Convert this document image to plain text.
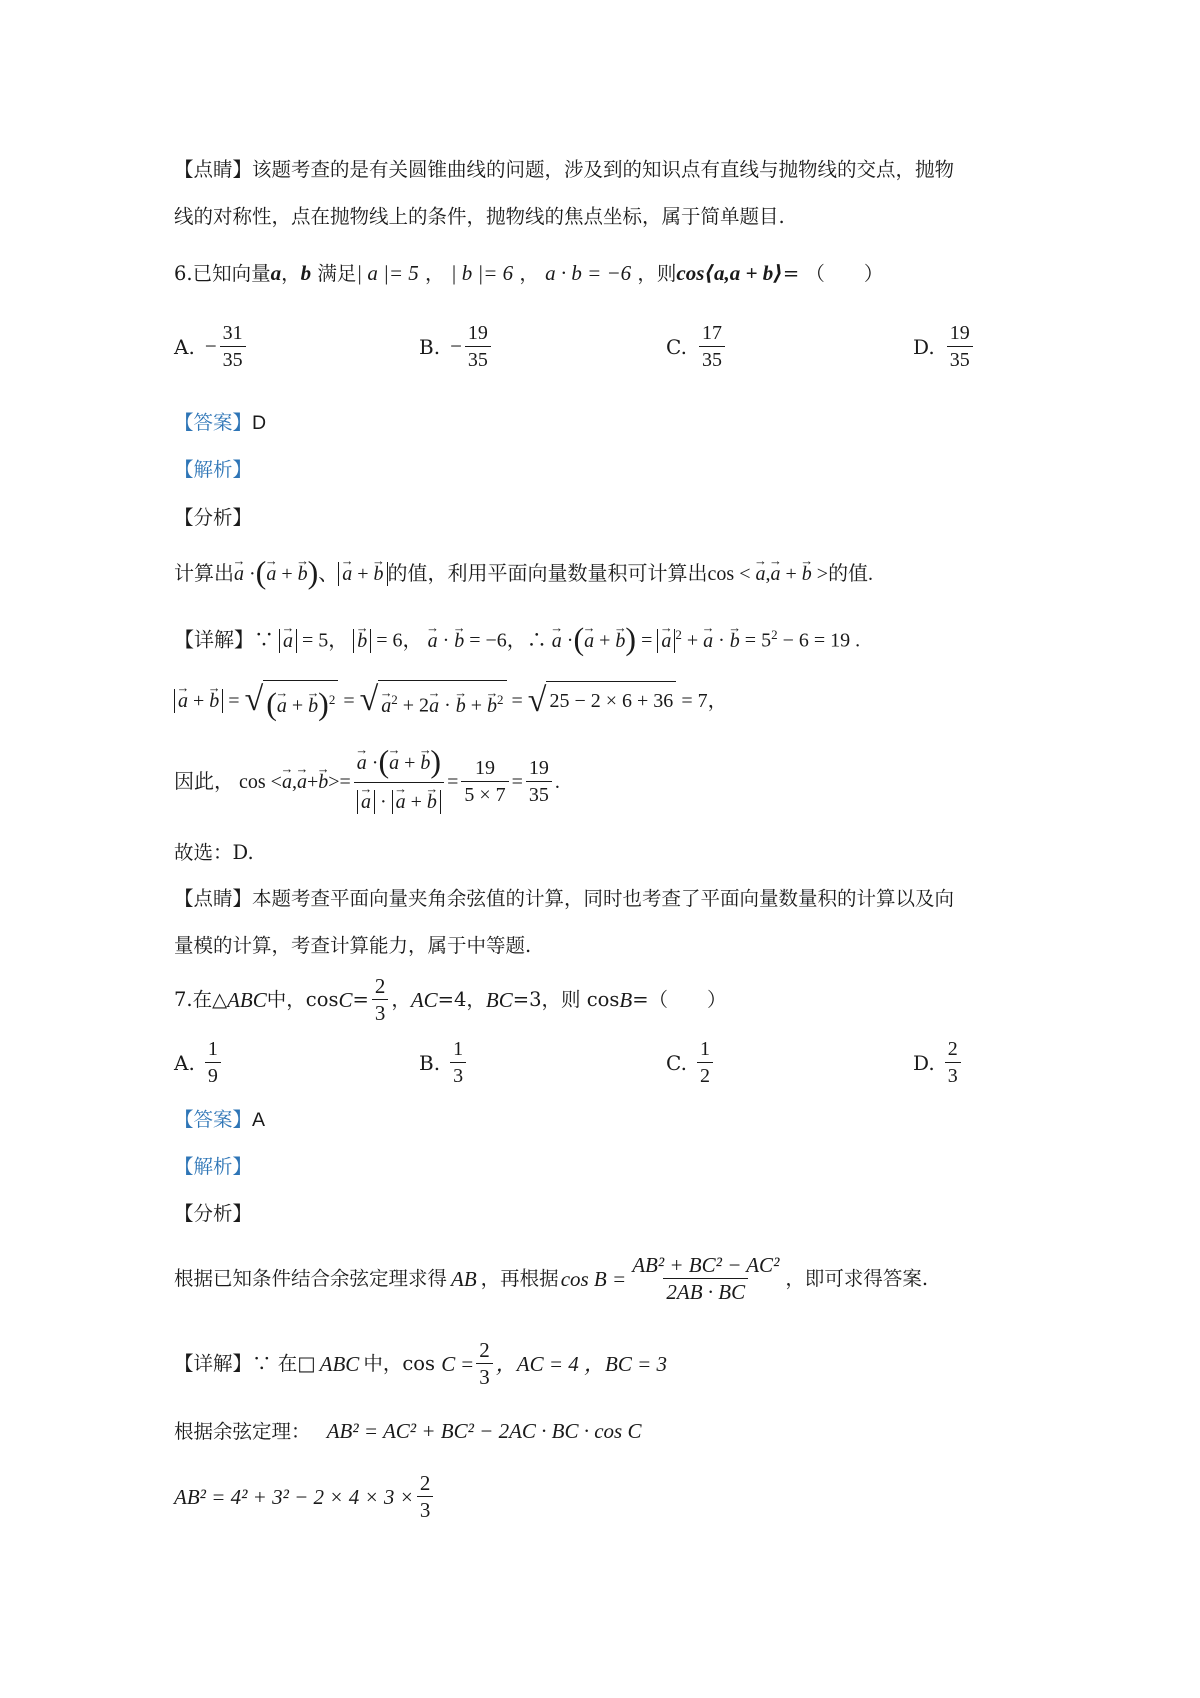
【点睛】该题考查的是有关圆锥曲线的问题，涉及到的知识点有直线与抛物线的交点，抛物
线的对称性，点在抛物线上的条件，抛物线的焦点坐标，属于简单题目.
6.已知向量a，b 满足| a |= 5 ， | b |= 6 ， a · b = −6 ，则cos⟨a,a + b⟩= （　　）
A. − $\frac{31}{35}$	B. − $\frac{19}{35}$	C. $\frac{17}{35}$	D. $\frac{19}{35}$
【答案】D
【解析】
【分析】
计算出→ a ·(→ a + → b)、 → a + → b 的值，利用平面向量数量积可计算出cos < → a,→ a + → b >的值.
【详解】∵ → a = 5， → b = 6， → a · → b = −6，∴ → a ·(→ a + → b) = → a $^2$ + → a · → $b = 5^2 - 6 = 19$ .
→ a + → b = √ (→ a + → b)$^2$ = √ → $a^2 + 2\to a$ · → b + → $b^2$ = √ 25 − 2 × 6 + 36
= 7，
因此， cos < → a , → a + → b >= → a ·(→ a + → b)
→ a · → a + → $b = \frac{19}{5 \times 7} = \frac{19}{35}$ .
故选：D.
【点睛】本题考查平面向量夹角余弦值的计算，同时也考查了平面向量数量积的计算以及向
量模的计算，考查计算能力，属于中等题.
7.在△ ABC 中，$\cos C = \frac{2}{3}$ ， AC =4， BC =3，则 cos B =（　　）
A. $\frac{1}{9}$	B. $\frac{1}{3}$	C. $\frac{1}{2}$	D. $\frac{2}{3}$
【答案】A
【解析】
【分析】
根据已知条件结合余弦定理求得 AB ，再根据 $\cos B = \frac{\text{AB² + BC² − AC²}}{2AB \cdot BC}$ ，即可求得答案.
【详解】 ∵ 在□ ABC 中，cos
C
= $\frac{2}{3}$ ，AC = 4 ，BC = 3
根据余弦定理： AB² = AC² + BC² − 2AC · BC · cos C
$AB^2 = 4^2 + 3^2 - 2 \times 4 \times 3 \times \frac{2}{3}$
